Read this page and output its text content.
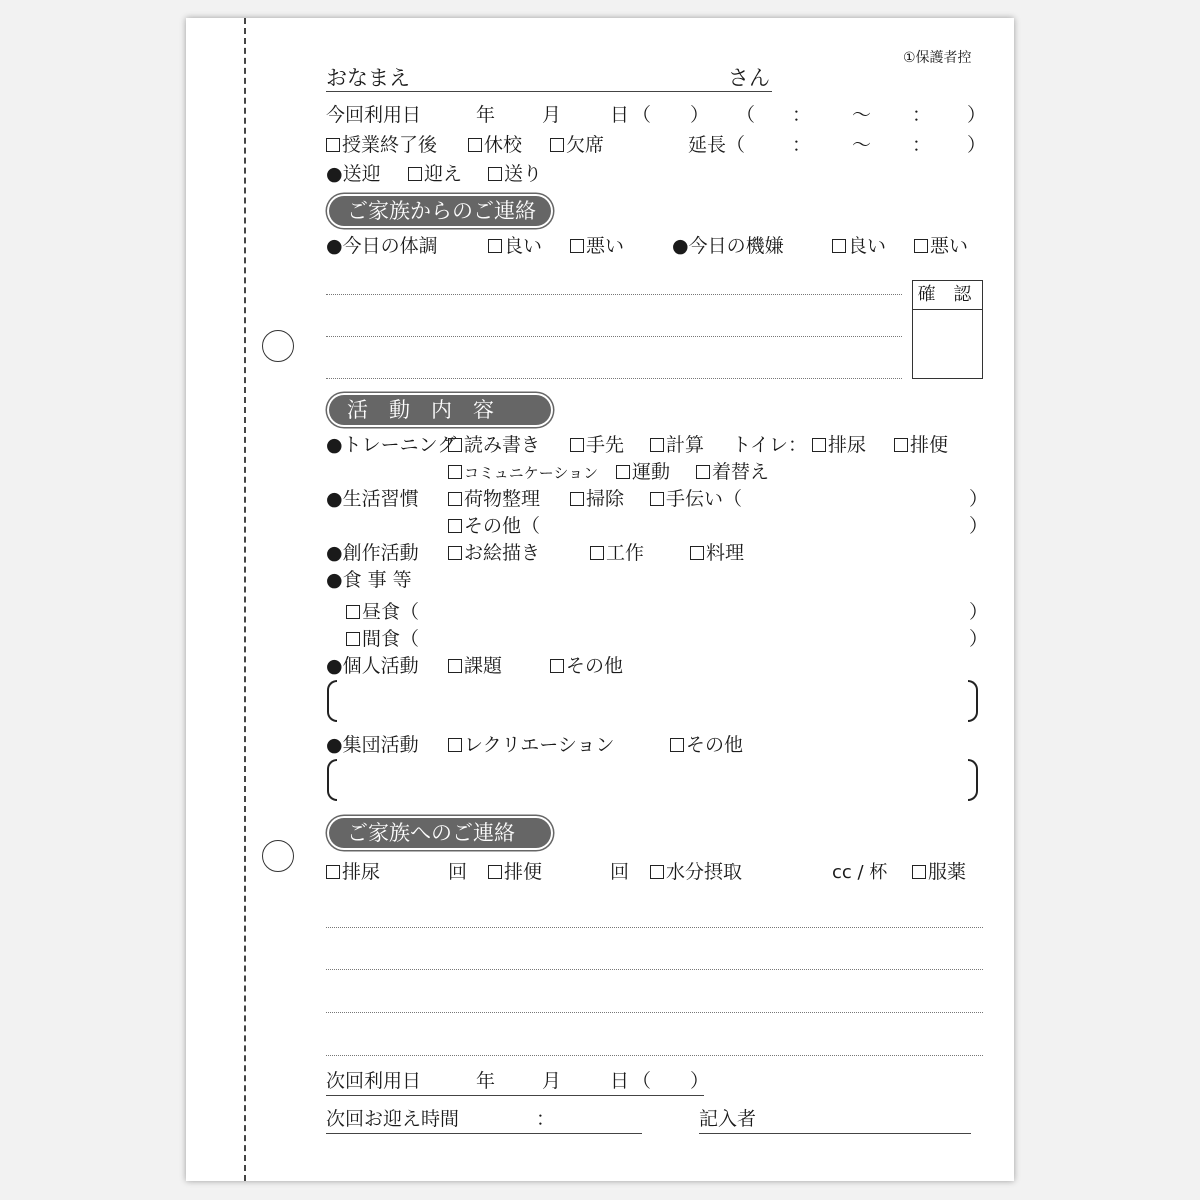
①保護者控
おなまえ	さん
今回利用日	年 月	日 （ ） （ ： ～ ： ）
授業終了後	休校	欠席	延長（ ： ～ ： ）
●送迎	迎え	送り
ご家族からのご連絡
●今日の体調	良い	悪い	●今日の機嫌	良い	悪い
確 認
活　動　内　容
●トレーニング 読み書き	手先	計算 トイレ：	排尿	排便
コミュニケーション	運動	着替え
●生活習慣	荷物整理	掃除	手伝い（	）
その他（	）
●創作活動	お絵描き	工作	料理
●食 事 等
昼食（	）
間食（	）
●個人活動	課題	その他
●集団活動	レクリエーション	その他
ご家族へのご連絡
排尿	回	排便	回	水分摂取	cc / 杯	服薬
次回利用日	年 月	日 （ ）
次回お迎え時間	：	記入者
